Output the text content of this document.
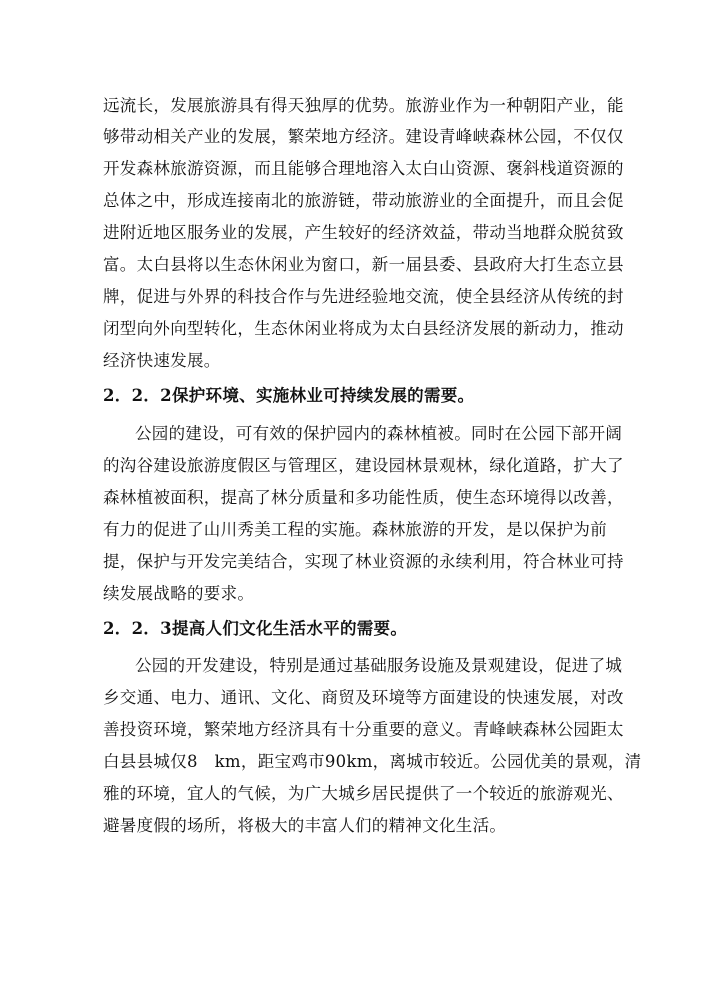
远流长，发展旅游具有得天独厚的优势。旅游业作为一种朝阳产业，能
够带动相关产业的发展，繁荣地方经济。建设青峰峡森林公园，不仅仅
开发森林旅游资源，而且能够合理地溶入太白山资源、褒斜栈道资源的
总体之中，形成连接南北的旅游链，带动旅游业的全面提升，而且会促
进附近地区服务业的发展，产生较好的经济效益，带动当地群众脱贫致
富。太白县将以生态休闲业为窗口，新一届县委、县政府大打生态立县
牌，促进与外界的科技合作与先进经验地交流，使全县经济从传统的封
闭型向外向型转化，生态休闲业将成为太白县经济发展的新动力，推动
经济快速发展。
2．2．2保护环境、实施林业可持续发展的需要。
公园的建设，可有效的保护园内的森林植被。同时在公园下部开阔
的沟谷建设旅游度假区与管理区，建设园林景观林，绿化道路，扩大了
森林植被面积，提高了林分质量和多功能性质，使生态环境得以改善，
有力的促进了山川秀美工程的实施。森林旅游的开发，是以保护为前
提，保护与开发完美结合，实现了林业资源的永续利用，符合林业可持
续发展战略的要求。
2．2．3提高人们文化生活水平的需要。
公园的开发建设，特别是通过基础服务设施及景观建设，促进了城
乡交通、电力、通讯、文化、商贸及环境等方面建设的快速发展，对改
善投资环境，繁荣地方经济具有十分重要的意义。青峰峡森林公园距太
白县县城仅8　km，距宝鸡市90km，离城市较近。公园优美的景观，清
雅的环境，宜人的气候，为广大城乡居民提供了一个较近的旅游观光、
避暑度假的场所，将极大的丰富人们的精神文化生活。
